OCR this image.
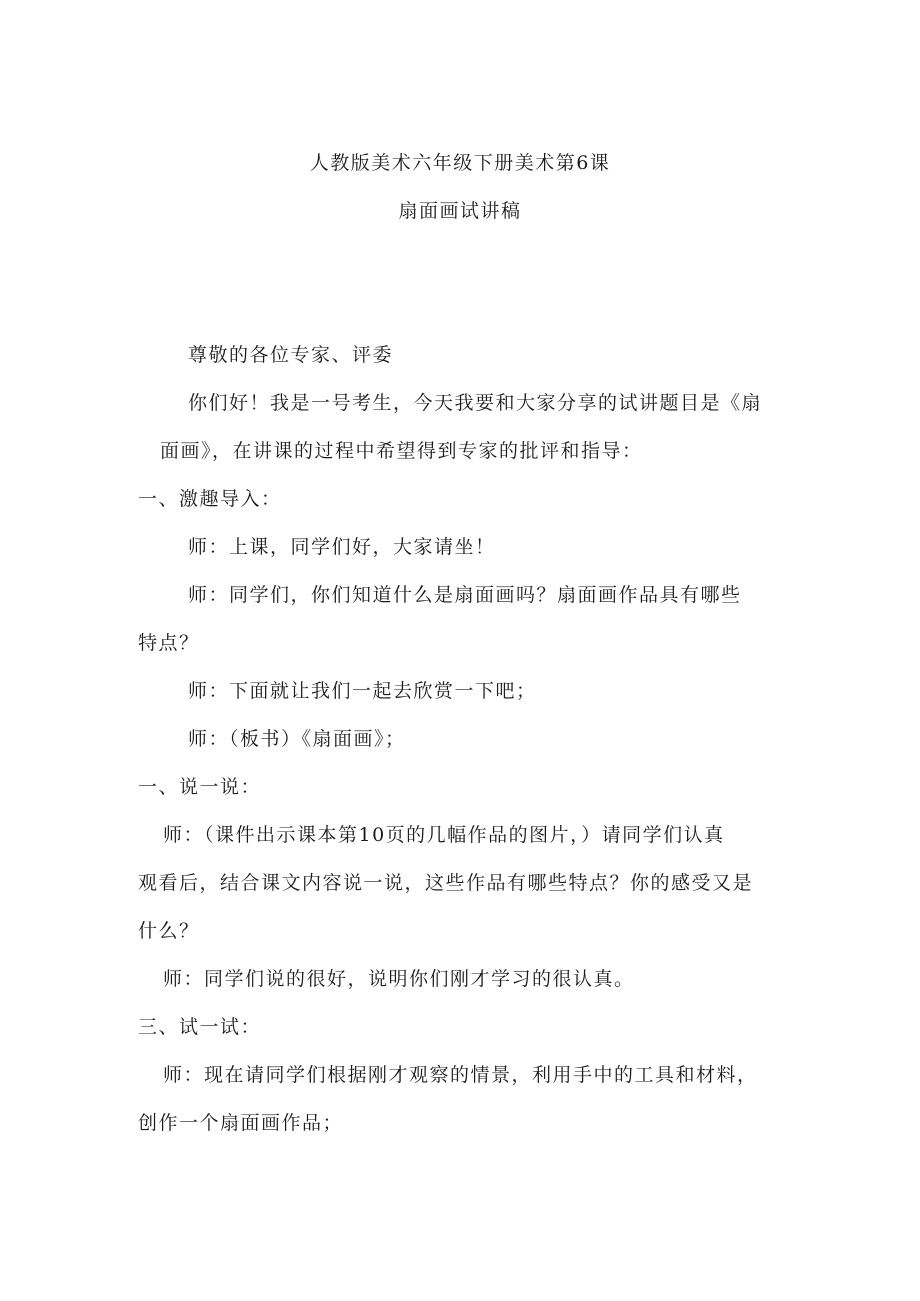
人教版美术六年级下册美术第6课
扇面画试讲稿
尊敬的各位专家、评委
你们好！我是一号考生，今天我要和大家分享的试讲题目是《扇
面画》，在讲课的过程中希望得到专家的批评和指导：
一、激趣导入：
师：上课，同学们好，大家请坐！
师：同学们，你们知道什么是扇面画吗？扇面画作品具有哪些
特点？
师：下面就让我们一起去欣赏一下吧；
师：（板书）《扇面画》；
一、说一说：
师：（课件出示课本第10页的几幅作品的图片，）请同学们认真
观看后，结合课文内容说一说，这些作品有哪些特点？你的感受又是
什么？
师：同学们说的很好，说明你们刚才学习的很认真。
三、试一试：
师：现在请同学们根据刚才观察的情景，利用手中的工具和材料，
创作一个扇面画作品；
